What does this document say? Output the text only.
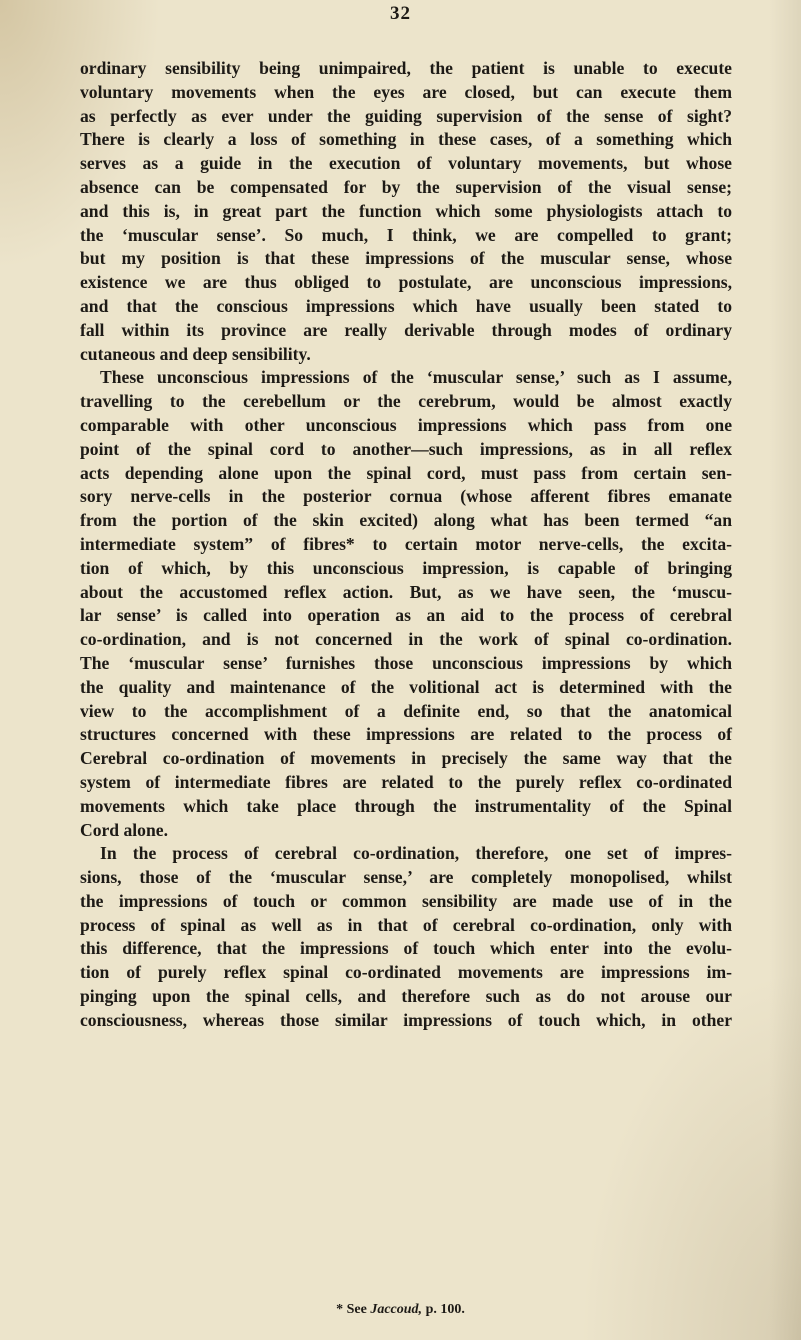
32
ordinary sensibility being unimpaired, the patient is unable to execute
voluntary movements when the eyes are closed, but can execute them
as perfectly as ever under the guiding supervision of the sense of sight?
There is clearly a loss of something in these cases, of a something which
serves as a guide in the execution of voluntary movements, but whose
absence can be compensated for by the supervision of the visual sense;
and this is, in great part the function which some physiologists attach to
the ‘muscular sense’. So much, I think, we are compelled to grant;
but my position is that these impressions of the muscular sense, whose
existence we are thus obliged to postulate, are unconscious impressions,
and that the conscious impressions which have usually been stated to
fall within its province are really derivable through modes of ordinary
cutaneous and deep sensibility.
These unconscious impressions of the ‘muscular sense,’ such as I assume,
travelling to the cerebellum or the cerebrum, would be almost exactly
comparable with other unconscious impressions which pass from one
point of the spinal cord to another—such impressions, as in all reflex
acts depending alone upon the spinal cord, must pass from certain sen-
sory nerve-cells in the posterior cornua (whose afferent fibres emanate
from the portion of the skin excited) along what has been termed “an
intermediate system” of fibres* to certain motor nerve-cells, the excita-
tion of which, by this unconscious impression, is capable of bringing
about the accustomed reflex action. But, as we have seen, the ‘muscu-
lar sense’ is called into operation as an aid to the process of cerebral
co-ordination, and is not concerned in the work of spinal co-ordination.
The ‘muscular sense’ furnishes those unconscious impressions by which
the quality and maintenance of the volitional act is determined with the
view to the accomplishment of a definite end, so that the anatomical
structures concerned with these impressions are related to the process of
Cerebral co-ordination of movements in precisely the same way that the
system of intermediate fibres are related to the purely reflex co-ordinated
movements which take place through the instrumentality of the Spinal
Cord alone.
In the process of cerebral co-ordination, therefore, one set of impres-
sions, those of the ‘muscular sense,’ are completely monopolised, whilst
the impressions of touch or common sensibility are made use of in the
process of spinal as well as in that of cerebral co-ordination, only with
this difference, that the impressions of touch which enter into the evolu-
tion of purely reflex spinal co-ordinated movements are impressions im-
pinging upon the spinal cells, and therefore such as do not arouse our
consciousness, whereas those similar impressions of touch which, in other
* See Jaccoud, p. 100.
